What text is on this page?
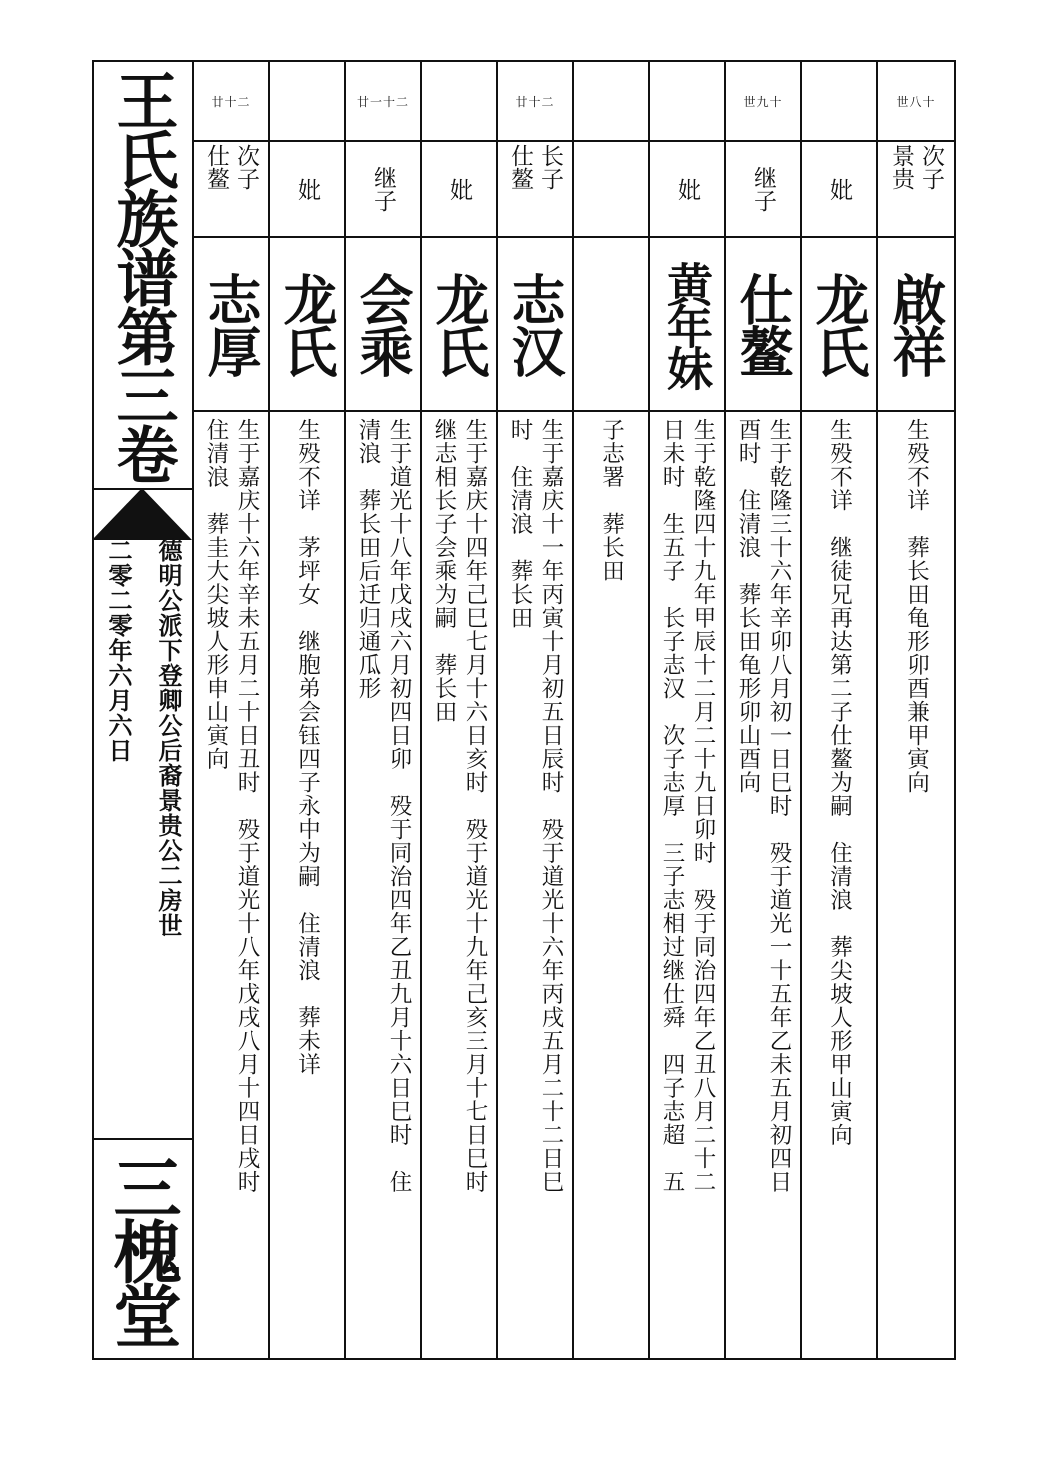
王氏族谱第三卷
德明公派下登卿公后裔景贵公二房世
二零二零年六月六日
三槐堂
廿十二
次子 仕鳌
志厚
生于嘉庆十六年辛未五月二十日丑时　殁于道光十八年戊戌八月十四日戌时
住清浪　葬圭大尖坡人形申山寅向
妣
龙氏
生殁不详　茅坪女　继胞弟会钰四子永中为嗣　住清浪　葬未详
廿一十二
继子
会乘
生于道光十八年戊戌六月初四日卯　殁于同治四年乙丑九月十六日巳时　住
清浪　葬长田后迁归通瓜形
妣
龙氏
生于嘉庆十四年己巳七月十六日亥时　殁于道光十九年己亥三月十七日巳时
继志相长子会乘为嗣　葬长田
廿十二
长子 仕鳌
志汉
生于嘉庆十一年丙寅十月初五日辰时　殁于道光十六年丙戌五月二十二日巳
时　住清浪　葬长田
子志署　葬长田
妣
黄年妹
生于乾隆四十九年甲辰十二月二十九日卯时　殁于同治四年乙丑八月二十二
日未时　生五子　长子志汉　次子志厚　三子志相过继仕舜　四子志超　五
世九十
继子
仕鳌
生于乾隆三十六年辛卯八月初一日巳时　殁于道光一十五年乙未五月初四日
酉时　住清浪　葬长田龟形卯山酉向
妣
龙氏
生殁不详　继徒兄再达第二子仕鳌为嗣　住清浪　葬尖坡人形甲山寅向
世八十
次子 景贵
啟祥
生殁不详　葬长田龟形卯酉兼甲寅向
